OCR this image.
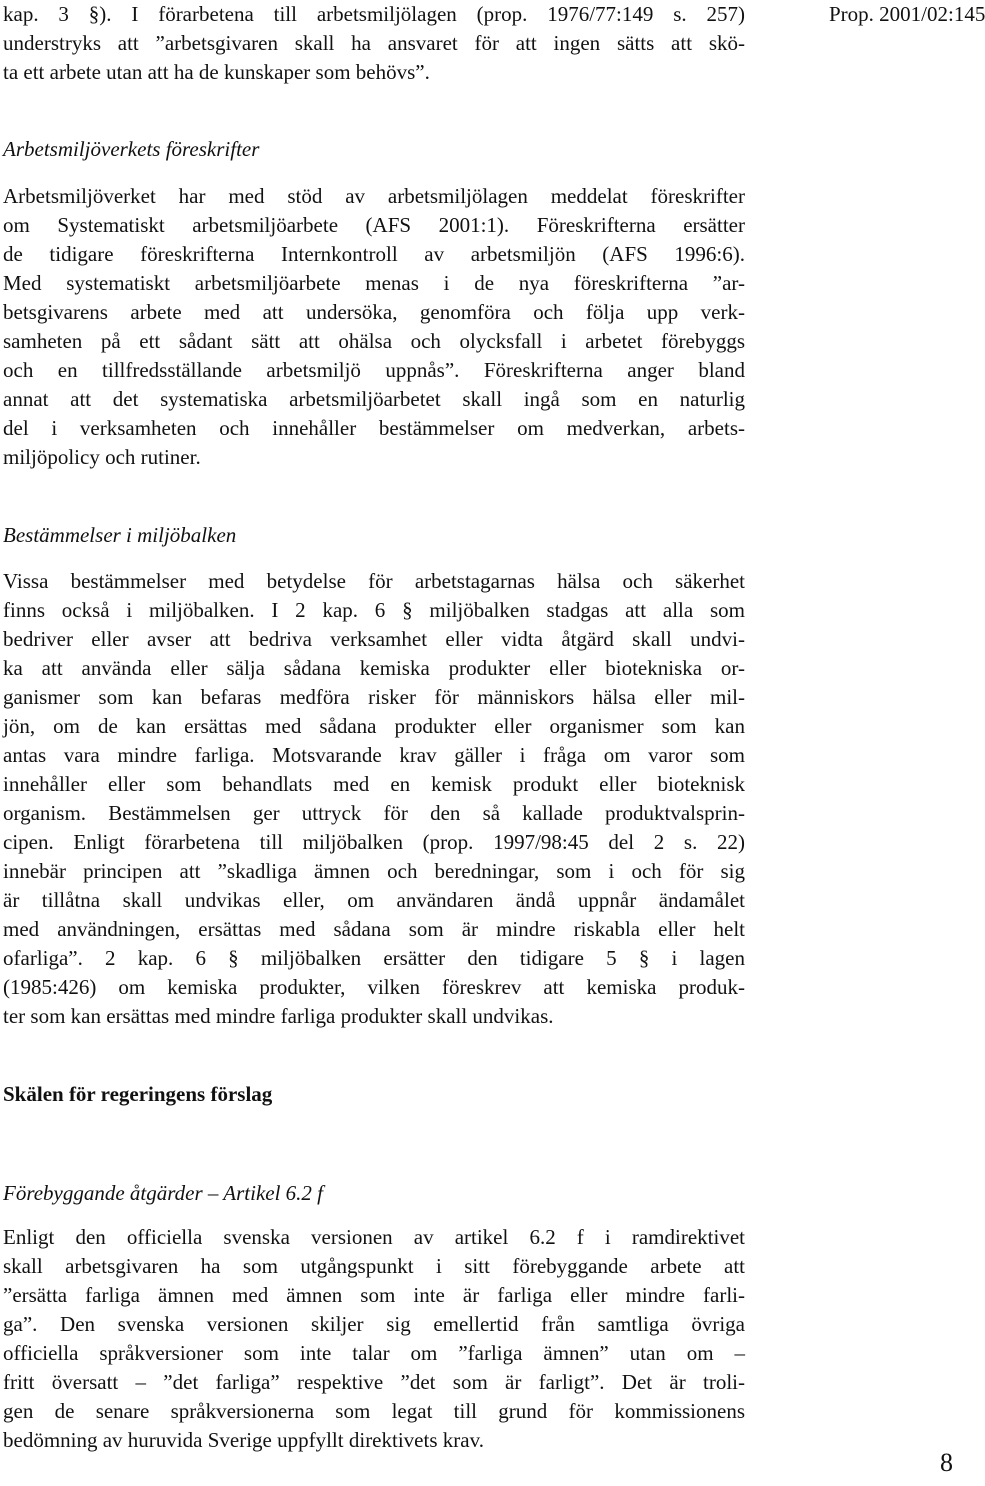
Prop. 2001/02:145
kap. 3 §). I förarbetena till arbetsmiljölagen (prop. 1976/77:149 s. 257)
understryks att ”arbetsgivaren skall ha ansvaret för att ingen sätts att skö-
ta ett arbete utan att ha de kunskaper som behövs”.
Arbetsmiljöverkets föreskrifter
Arbetsmiljöverket har med stöd av arbetsmiljölagen meddelat föreskrifter
om Systematiskt arbetsmiljöarbete (AFS 2001:1). Föreskrifterna ersätter
de tidigare föreskrifterna Internkontroll av arbetsmiljön (AFS 1996:6).
Med systematiskt arbetsmiljöarbete menas i de nya föreskrifterna ”ar-
betsgivarens arbete med att undersöka, genomföra och följa upp verk-
samheten på ett sådant sätt att ohälsa och olycksfall i arbetet förebyggs
och en tillfredsställande arbetsmiljö uppnås”. Föreskrifterna anger bland
annat att det systematiska arbetsmiljöarbetet skall ingå som en naturlig
del i verksamheten och innehåller bestämmelser om medverkan, arbets-
miljöpolicy och rutiner.
Bestämmelser i miljöbalken
Vissa bestämmelser med betydelse för arbetstagarnas hälsa och säkerhet
finns också i miljöbalken. I 2 kap. 6 § miljöbalken stadgas att alla som
bedriver eller avser att bedriva verksamhet eller vidta åtgärd skall undvi-
ka att använda eller sälja sådana kemiska produkter eller biotekniska or-
ganismer som kan befaras medföra risker för människors hälsa eller mil-
jön, om de kan ersättas med sådana produkter eller organismer som kan
antas vara mindre farliga. Motsvarande krav gäller i fråga om varor som
innehåller eller som behandlats med en kemisk produkt eller bioteknisk
organism. Bestämmelsen ger uttryck för den så kallade produktvalsprin-
cipen. Enligt förarbetena till miljöbalken (prop. 1997/98:45 del 2 s. 22)
innebär principen att ”skadliga ämnen och beredningar, som i och för sig
är tillåtna skall undvikas eller, om användaren ändå uppnår ändamålet
med användningen, ersättas med sådana som är mindre riskabla eller helt
ofarliga”. 2 kap. 6 § miljöbalken ersätter den tidigare 5 § i lagen
(1985:426) om kemiska produkter, vilken föreskrev att kemiska produk-
ter som kan ersättas med mindre farliga produkter skall undvikas.
Skälen för regeringens förslag
Förebyggande åtgärder – Artikel 6.2 f
Enligt den officiella svenska versionen av artikel 6.2 f i ramdirektivet
skall arbetsgivaren ha som utgångspunkt i sitt förebyggande arbete att
”ersätta farliga ämnen med ämnen som inte är farliga eller mindre farli-
ga”. Den svenska versionen skiljer sig emellertid från samtliga övriga
officiella språkversioner som inte talar om ”farliga ämnen” utan om –
fritt översatt – ”det farliga” respektive ”det som är farligt”. Det är troli-
gen de senare språkversionerna som legat till grund för kommissionens
bedömning av huruvida Sverige uppfyllt direktivets krav.
8
